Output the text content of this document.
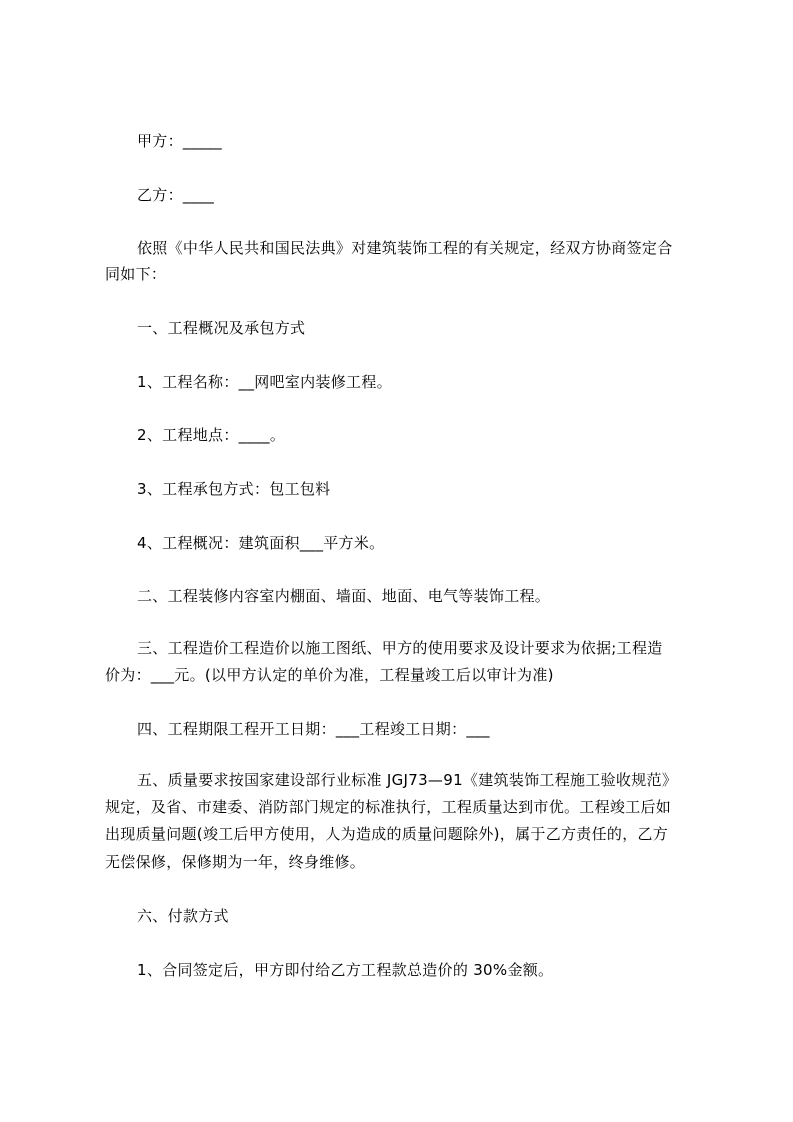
甲方：_____
乙方：____
依照《中华人民共和国民法典》对建筑装饰工程的有关规定，经双方协商签定合
同如下：
一、工程概况及承包方式
1、工程名称：__网吧室内装修工程。
2、工程地点：____。
3、工程承包方式：包工包料
4、工程概况：建筑面积___平方米。
二、工程装修内容室内棚面、墙面、地面、电气等装饰工程。
三、工程造价工程造价以施工图纸、甲方的使用要求及设计要求为依据;工程造
价为：___元。(以甲方认定的单价为准，工程量竣工后以审计为准)
四、工程期限工程开工日期：___工程竣工日期：___
五、质量要求按国家建设部行业标准 JGJ73—91《建筑装饰工程施工验收规范》
规定，及省、市建委、消防部门规定的标准执行，工程质量达到市优。工程竣工后如
出现质量问题(竣工后甲方使用，人为造成的质量问题除外)，属于乙方责任的，乙方
无偿保修，保修期为一年，终身维修。
六、付款方式
1、合同签定后，甲方即付给乙方工程款总造价的 30%金额。
